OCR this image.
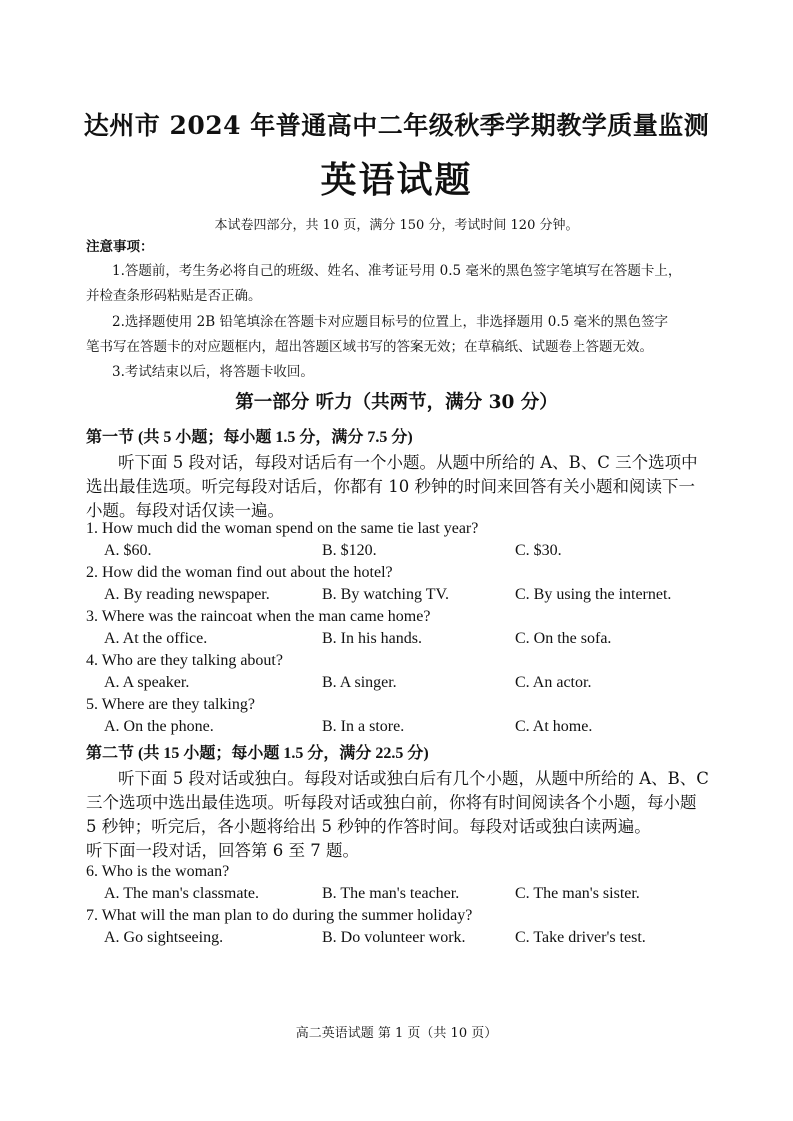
达州市 2024 年普通高中二年级秋季学期教学质量监测
英语试题
本试卷四部分，共 10 页，满分 150 分，考试时间 120 分钟。
注意事项：
1.答题前，考生务必将自己的班级、姓名、准考证号用 0.5 毫米的黑色签字笔填写在答题卡上，
并检查条形码粘贴是否正确。
2.选择题使用 2B 铅笔填涂在答题卡对应题目标号的位置上，非选择题用 0.5 毫米的黑色签字
笔书写在答题卡的对应题框内，超出答题区域书写的答案无效；在草稿纸、试题卷上答题无效。
3.考试结束以后，将答题卡收回。
第一部分 听力（共两节，满分 30 分）
第一节 (共 5 小题；每小题 1.5 分，满分 7.5 分)
听下面 5 段对话，每段对话后有一个小题。从题中所给的 A、B、C 三个选项中
选出最佳选项。听完每段对话后，你都有 10 秒钟的时间来回答有关小题和阅读下一
小题。每段对话仅读一遍。
1. How much did the woman spend on the same tie last year?
A. $60.	B. $120.	C. $30.
2. How did the woman find out about the hotel?
A. By reading newspaper.	B. By watching TV.	C. By using the internet.
3. Where was the raincoat when the man came home?
A. At the office.	B. In his hands.	C. On the sofa.
4. Who are they talking about?
A. A speaker.	B. A singer.	C. An actor.
5. Where are they talking?
A. On the phone.	B. In a store.	C. At home.
第二节 (共 15 小题；每小题 1.5 分，满分 22.5 分)
听下面 5 段对话或独白。每段对话或独白后有几个小题，从题中所给的 A、B、C
三个选项中选出最佳选项。听每段对话或独白前，你将有时间阅读各个小题，每小题
5 秒钟；听完后，各小题将给出 5 秒钟的作答时间。每段对话或独白读两遍。
听下面一段对话，回答第 6 至 7 题。
6. Who is the woman?
A. The man's classmate.	B. The man's teacher.	C. The man's sister.
7. What will the man plan to do during the summer holiday?
A. Go sightseeing.	B. Do volunteer work.	C. Take driver's test.
高二英语试题 第 1 页（共 10 页）
